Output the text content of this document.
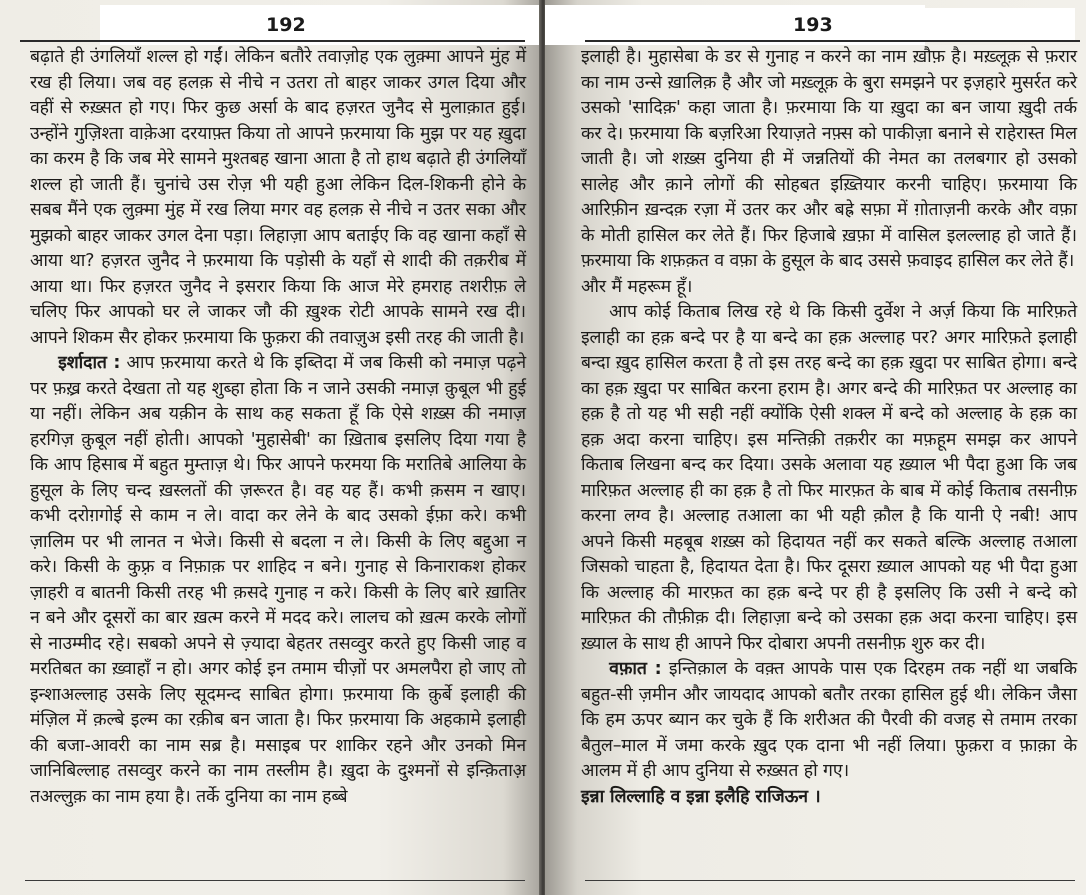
192

बढ़ाते ही उंगलियाँ शल्ल हो गईं। लेकिन बतौरे तवाज़ोह एक लुक़्मा आपने मुंह में रख ही लिया। जब वह हलक़ से नीचे न उतरा तो बाहर जाकर उगल दिया और वहीं से रुख़्सत हो गए। फिर कुछ अर्सा के बाद हज़रत जुनैद से मुलाक़ात हुई। उन्होंने गुज़िश्ता वाक़ेआ दरयाफ़्त किया तो आपने फ़रमाया कि मुझ पर यह ख़ुदा का करम है कि जब मेरे सामने मुश्तबह खाना आता है तो हाथ बढ़ाते ही उंगलियाँ शल्ल हो जाती हैं। चुनांचे उस रोज़ भी यही हुआ लेकिन दिल-शिकनी होने के सबब मैंने एक लुक़्मा मुंह में रख लिया मगर वह हलक़ से नीचे न उतर सका और मुझको बाहर जाकर उगल देना पड़ा। लिहाज़ा आप बताईए कि वह खाना कहाँ से आया था? हज़रत जुनैद ने फ़रमाया कि पड़ोसी के यहाँ से शादी की तक़रीब में आया था। फिर हज़रत जुनैद ने इसरार किया कि आज मेरे हमराह तशरीफ़ ले चलिए फिर आपको घर ले जाकर जौ की ख़ुश्क रोटी आपके सामने रख दी। आपने शिकम सैर होकर फ़रमाया कि फ़ुक़रा की तवाज़ुअ इसी तरह की जाती है।

इर्शादात : आप फ़रमाया करते थे कि इब्तिदा में जब किसी को नमाज़ पढ़ने पर फ़ख़्र करते देखता तो यह शुब्हा होता कि न जाने उसकी नमाज़ क़ुबूल भी हुई या नहीं। लेकिन अब यक़ीन के साथ कह सकता हूँ कि ऐसे शख़्स की नमाज़ हरगिज़ क़ुबूल नहीं होती। आपको 'मुहासेबी' का ख़िताब इसलिए दिया गया है कि आप हिसाब में बहुत मुम्ताज़ थे। फिर आपने फरमया कि मरातिबे आलिया के हुसूल के लिए चन्द ख़स्लतों की ज़रूरत है। वह यह हैं। कभी क़सम न खाए। कभी दरोग़गोई से काम न ले। वादा कर लेने के बाद उसको ईफ़ा करे। कभी ज़ालिम पर भी लानत न भेजे। किसी से बदला न ले। किसी के लिए बद्दुआ न करे। किसी के कुफ़्र व निफ़ाक़ पर शाहिद न बने। गुनाह से किनाराकश होकर ज़ाहरी व बातनी किसी तरह भी क़सदे गुनाह न करे। किसी के लिए बारे ख़ातिर न बने और दूसरों का बार ख़त्म करने में मदद करे। लालच को ख़त्म करके लोगों से नाउम्मीद रहे। सबको अपने से ज़्यादा बेहतर तसव्वुर करते हुए किसी जाह व मरतिबत का ख़्वाहाँ न हो। अगर कोई इन तमाम चीज़ों पर अमलपैरा हो जाए तो इन्शाअल्लाह उसके लिए सूदमन्द साबित होगा। फ़रमाया कि क़ुर्बे इलाही की मंज़िल में क़ल्बे इल्म का रक़ीब बन जाता है। फिर फ़रमाया कि अहकामे इलाही की बजा-आवरी का नाम सब्र है। मसाइब पर शाकिर रहने और उनको मिन जानिबिल्लाह तसव्वुर करने का नाम तस्लीम है। ख़ुदा के दुश्मनों से इन्क़िताअ़ तअल्लुक़ का नाम हया है। तर्के दुनिया का नाम हब्बे

193

इलाही है। मुहासेबा के डर से गुनाह न करने का नाम ख़ौफ़ है। मख़्लूक़ से फ़रार का नाम उन्से ख़ालिक़ है और जो मख़्लूक़ के बुरा समझने पर इज़हारे मुसर्रत करे उसको 'सादिक़' कहा जाता है। फ़रमाया कि या ख़ुदा का बन जाया ख़ुदी तर्क कर दे। फ़रमाया कि बज़रिआ रियाज़ते नफ़्स को पाकीज़ा बनाने से राहेरास्त मिल जाती है। जो शख़्स दुनिया ही में जन्नतियों की नेमत का तलबगार हो उसको सालेह और क़ाने लोगों की सोहबत इख़्तियार करनी चाहिए। फ़रमाया कि आरिफ़ीन ख़न्दक़ रज़ा में उतर कर और बह्रे सफ़ा में ग़ोताज़नी करके और वफ़ा के मोती हासिल कर लेते हैं। फिर हिजाबे ख़फ़ा में वासिल इलल्लाह हो जाते हैं। फ़रमाया कि शफ़क़त व वफ़ा के हुसूल के बाद उससे फ़वाइद हासिल कर लेते हैं।

और मैं महरूम हूँ।

आप कोई किताब लिख रहे थे कि किसी दुर्वेश ने अर्ज़ किया कि मारिफ़ते इलाही का हक़ बन्दे पर है या बन्दे का हक़ अल्लाह पर? अगर मारिफ़ते इलाही बन्दा ख़ुद हासिल करता है तो इस तरह बन्दे का हक़ ख़ुदा पर साबित होगा। बन्दे का हक़ ख़ुदा पर साबित करना हराम है। अगर बन्दे की मारिफ़त पर अल्लाह का हक़ है तो यह भी सही नहीं क्योंकि ऐसी शक्ल में बन्दे को अल्लाह के हक़ का हक़ अदा करना चाहिए। इस मन्तिक़ी तक़रीर का मफ़हूम समझ कर आपने किताब लिखना बन्द कर दिया। उसके अलावा यह ख़्याल भी पैदा हुआ कि जब मारिफ़त अल्लाह ही का हक़ है तो फिर मारफ़त के बाब में कोई किताब तसनीफ़ करना लग्व है। अल्लाह तआला का भी यही क़ौल है कि यानी ऐ नबी! आप अपने किसी महबूब शख़्स को हिदायत नहीं कर सकते बल्कि अल्लाह तआला जिसको चाहता है, हिदायत देता है। फिर दूसरा ख़्याल आपको यह भी पैदा हुआ कि अल्लाह की मारफ़त का हक़ बन्दे पर ही है इसलिए कि उसी ने बन्दे को मारिफ़त की तौफ़ीक़ दी। लिहाज़ा बन्दे को उसका हक़ अदा करना चाहिए। इस ख़्याल के साथ ही आपने फिर दोबारा अपनी तसनीफ़ शुरु कर दी।

वफ़ात : इन्तिक़ाल के वक़्त आपके पास एक दिरहम तक नहीं था जबकि बहुत-सी ज़मीन और जायदाद आपको बतौर तरका हासिल हुई थी। लेकिन जैसा कि हम ऊपर ब्यान कर चुके हैं कि शरीअत की पैरवी की वजह से तमाम तरका बैतुल–माल में जमा करके ख़ुद एक दाना भी नहीं लिया। फ़ुक़रा व फ़ाक़ा के आलम में ही आप दुनिया से रुख़्सत हो गए।

इन्ना लिल्लाहि व इन्ना इलैहि राजिऊन ।
